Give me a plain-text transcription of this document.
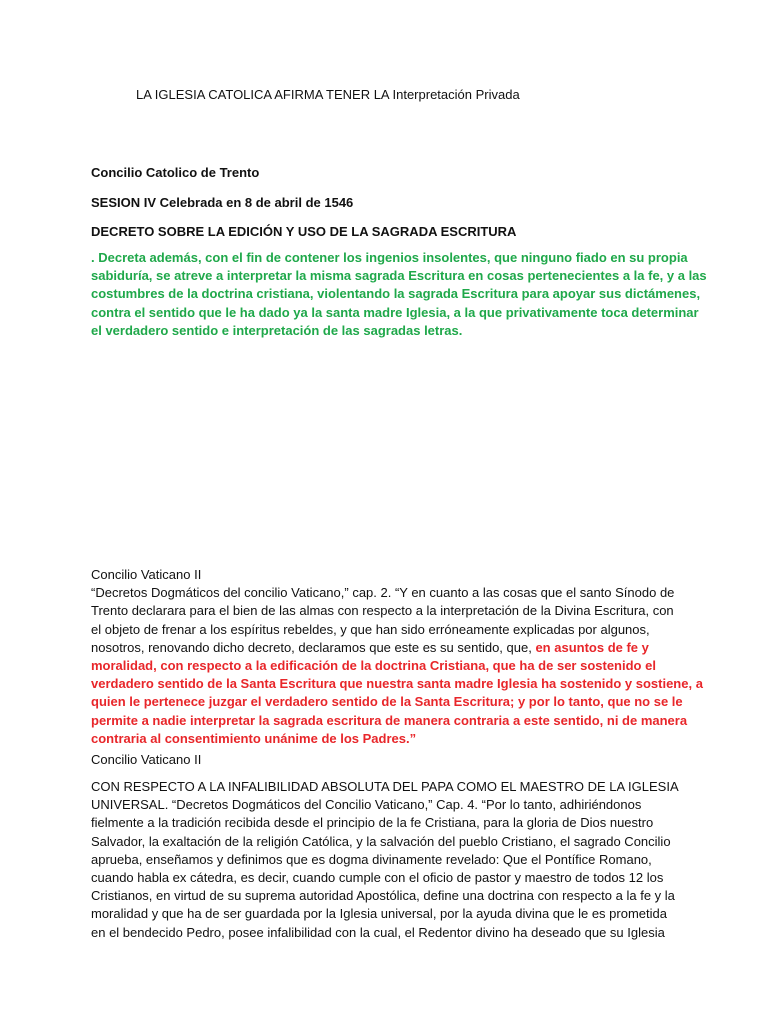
LA IGLESIA CATOLICA AFIRMA TENER LA Interpretación Privada
Concilio Catolico de Trento
SESION IV Celebrada en 8 de abril de 1546
DECRETO SOBRE LA EDICIÓN Y USO DE LA SAGRADA ESCRITURA
. Decreta además, con el fin de contener los ingenios insolentes, que ninguno fiado en su propia
sabiduría, se atreve a interpretar la misma sagrada Escritura en cosas pertenecientes a la fe, y a las
costumbres de la doctrina cristiana, violentando la sagrada Escritura para apoyar sus dictámenes,
contra el sentido que le ha dado ya la santa madre Iglesia, a la que privativamente toca determinar
el verdadero sentido e interpretación de las sagradas letras.
Concilio Vaticano II
“Decretos Dogmáticos del concilio Vaticano,” cap. 2. “Y en cuanto a las cosas que el santo Sínodo de
Trento declarara para el bien de las almas con respecto a la interpretación de la Divina Escritura, con
el objeto de frenar a los espíritus rebeldes, y que han sido erróneamente explicadas por algunos,
nosotros, renovando dicho decreto, declaramos que este es su sentido, que, en asuntos de fe y
moralidad, con respecto a la edificación de la doctrina Cristiana, que ha de ser sostenido el
verdadero sentido de la Santa Escritura que nuestra santa madre Iglesia ha sostenido y sostiene, a
quien le pertenece juzgar el verdadero sentido de la Santa Escritura; y por lo tanto, que no se le
permite a nadie interpretar la sagrada escritura de manera contraria a este sentido, ni de manera
contraria al consentimiento unánime de los Padres.”
Concilio Vaticano II
CON RESPECTO A LA INFALIBILIDAD ABSOLUTA DEL PAPA COMO EL MAESTRO DE LA IGLESIA
UNIVERSAL. “Decretos Dogmáticos del Concilio Vaticano,” Cap. 4. “Por lo tanto, adhiriéndonos
fielmente a la tradición recibida desde el principio de la fe Cristiana, para la gloria de Dios nuestro
Salvador, la exaltación de la religión Católica, y la salvación del pueblo Cristiano, el sagrado Concilio
aprueba, enseñamos y definimos que es dogma divinamente revelado: Que el Pontífice Romano,
cuando habla ex cátedra, es decir, cuando cumple con el oficio de pastor y maestro de todos 12 los
Cristianos, en virtud de su suprema autoridad Apostólica, define una doctrina con respecto a la fe y la
moralidad y que ha de ser guardada por la Iglesia universal, por la ayuda divina que le es prometida
en el bendecido Pedro, posee infalibilidad con la cual, el Redentor divino ha deseado que su Iglesia
